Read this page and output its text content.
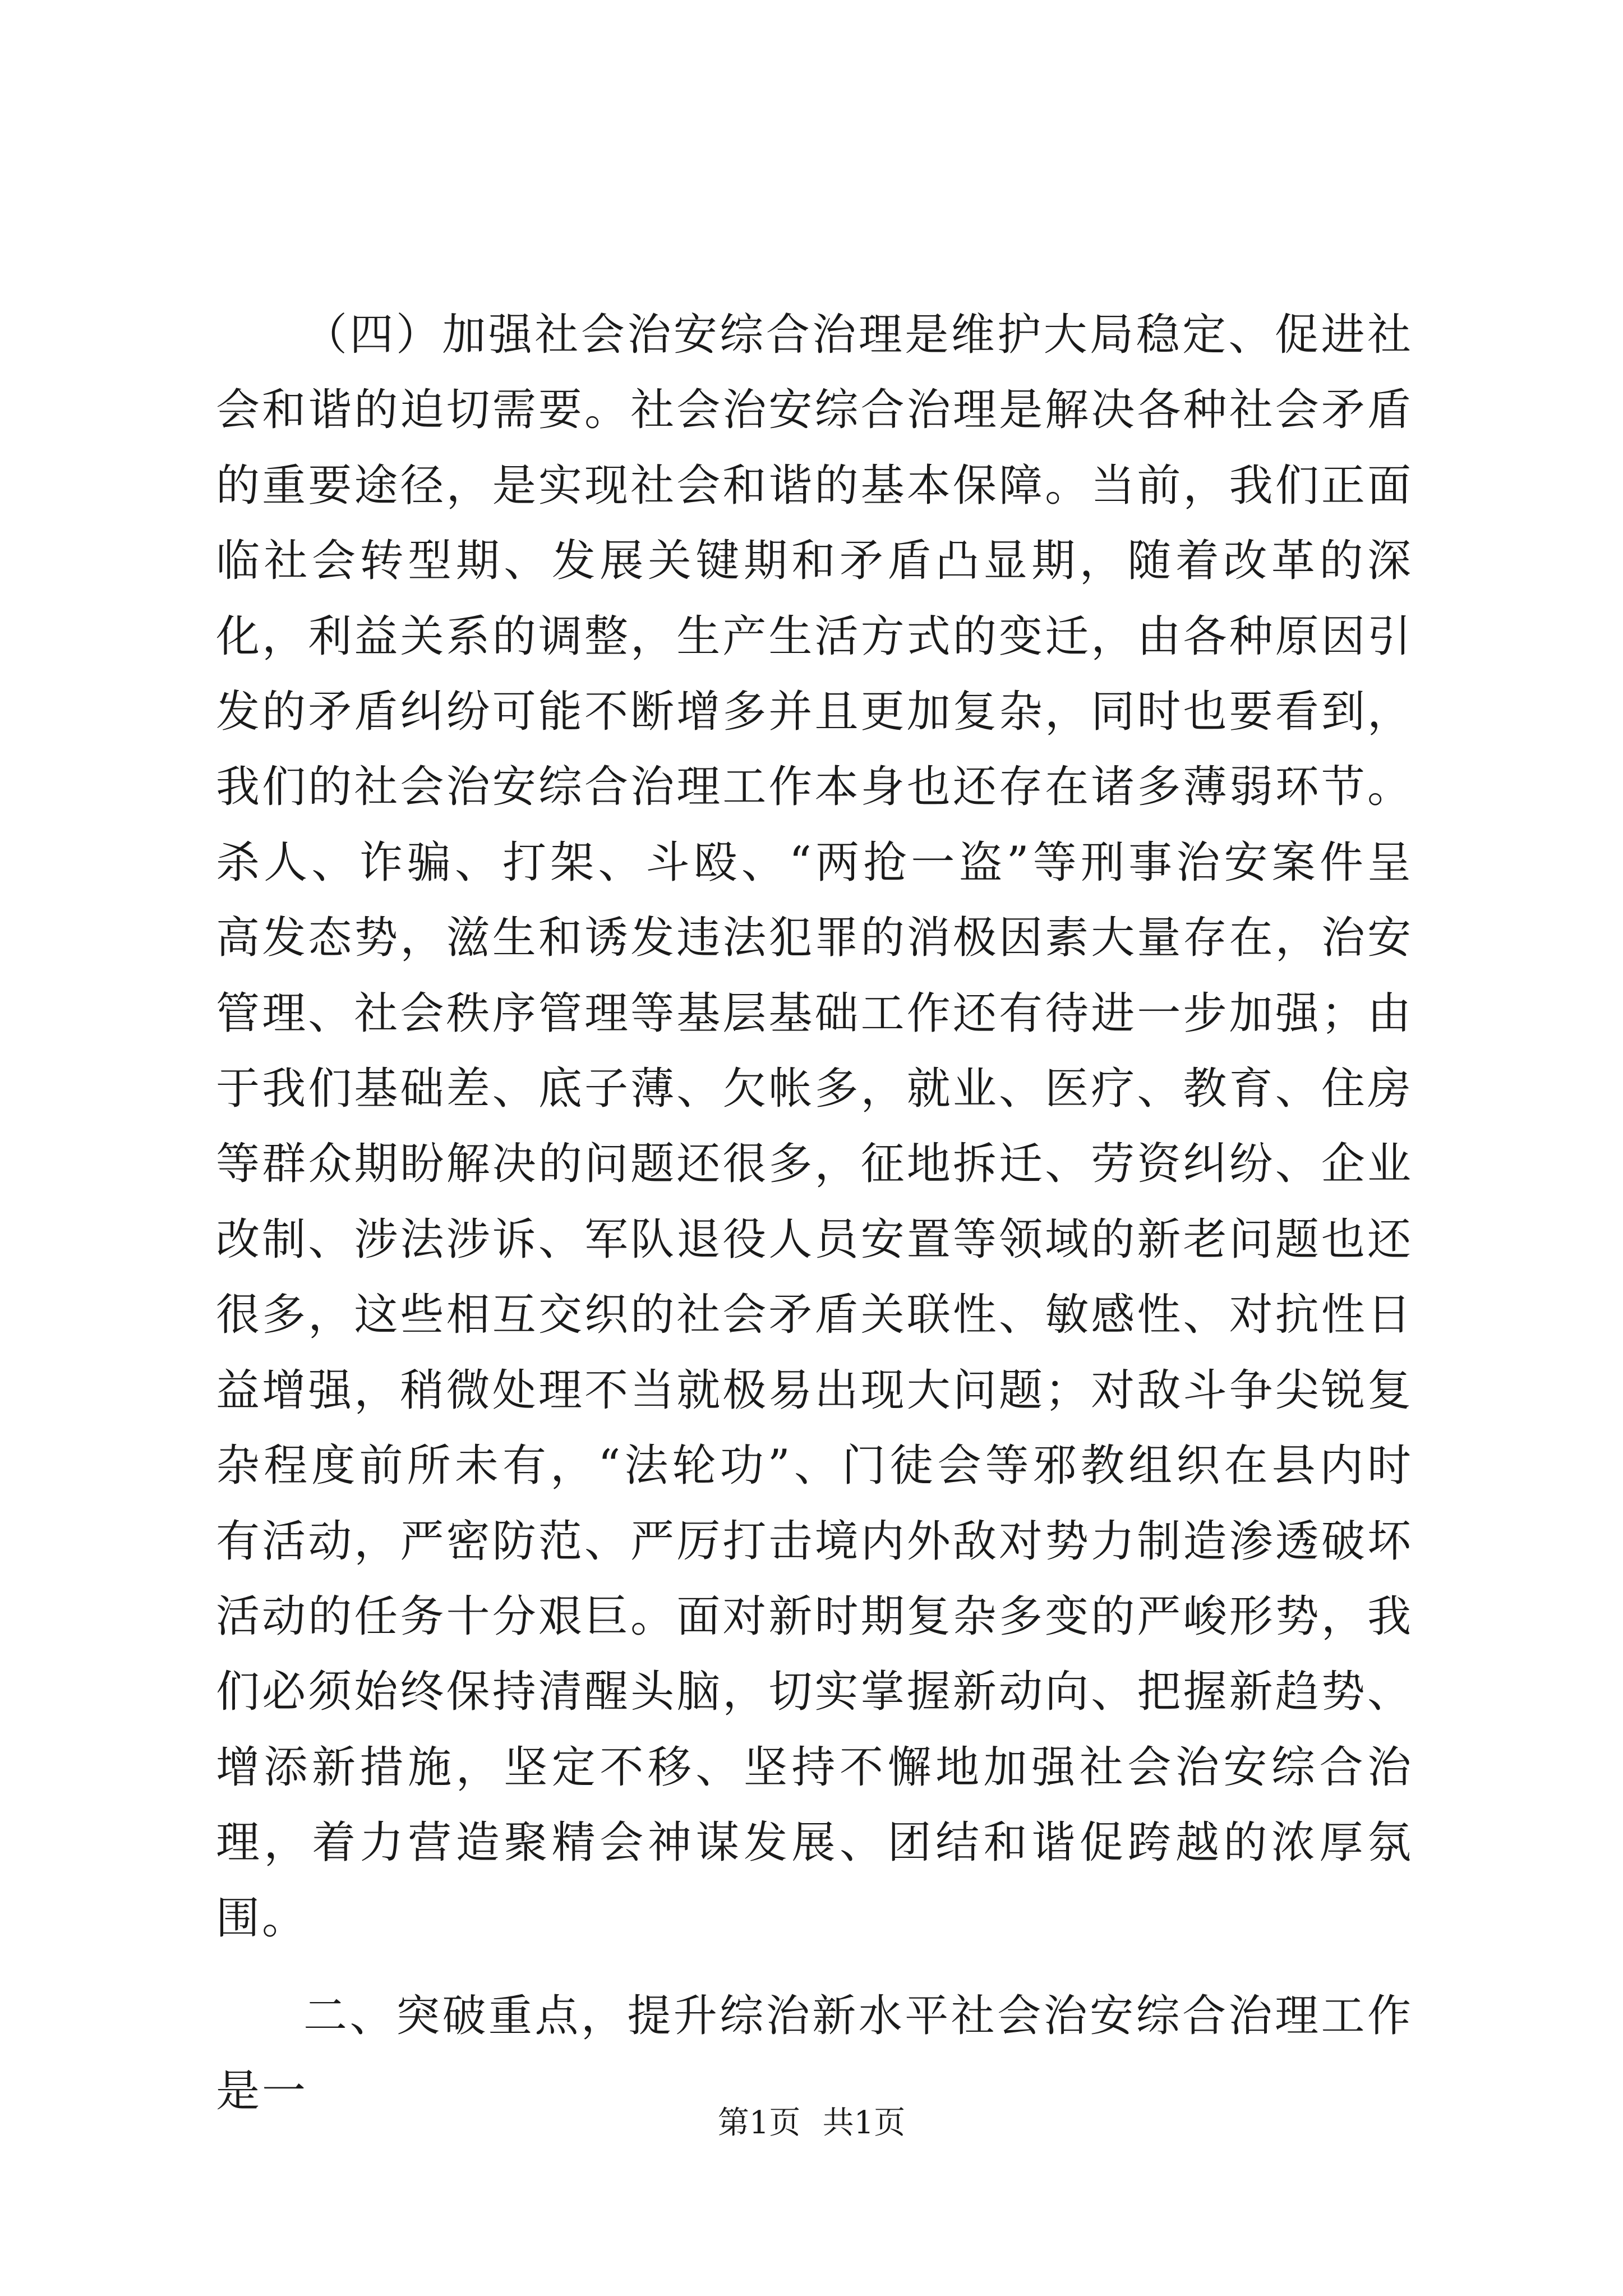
（四）加强社会治安综合治理是维护大局稳定、促进社会和谐的迫切需要。社会治安综合治理是解决各种社会矛盾的重要途径，是实现社会和谐的基本保障。当前，我们正面临社会转型期、发展关键期和矛盾凸显期，随着改革的深化，利益关系的调整，生产生活方式的变迁，由各种原因引发的矛盾纠纷可能不断增多并且更加复杂，同时也要看到，我们的社会治安综合治理工作本身也还存在诸多薄弱环节。杀人、诈骗、打架、斗殴、“两抢一盗”等刑事治安案件呈高发态势，滋生和诱发违法犯罪的消极因素大量存在，治安管理、社会秩序管理等基层基础工作还有待进一步加强；由于我们基础差、底子薄、欠帐多，就业、医疗、教育、住房等群众期盼解决的问题还很多，征地拆迁、劳资纠纷、企业改制、涉法涉诉、军队退役人员安置等领域的新老问题也还很多，这些相互交织的社会矛盾关联性、敏感性、对抗性日益增强，稍微处理不当就极易出现大问题；对敌斗争尖锐复杂程度前所未有，“法轮功”、门徒会等邪教组织在县内时有活动，严密防范、严厉打击境内外敌对势力制造渗透破坏活动的任务十分艰巨。面对新时期复杂多变的严峻形势，我们必须始终保持清醒头脑，切实掌握新动向、把握新趋势、增添新措施，坚定不移、坚持不懈地加强社会治安综合治理，着力营造聚精会神谋发展、团结和谐促跨越的浓厚氛围。

二、突破重点，提升综治新水平社会治安综合治理工作是一

第1页 共1页
